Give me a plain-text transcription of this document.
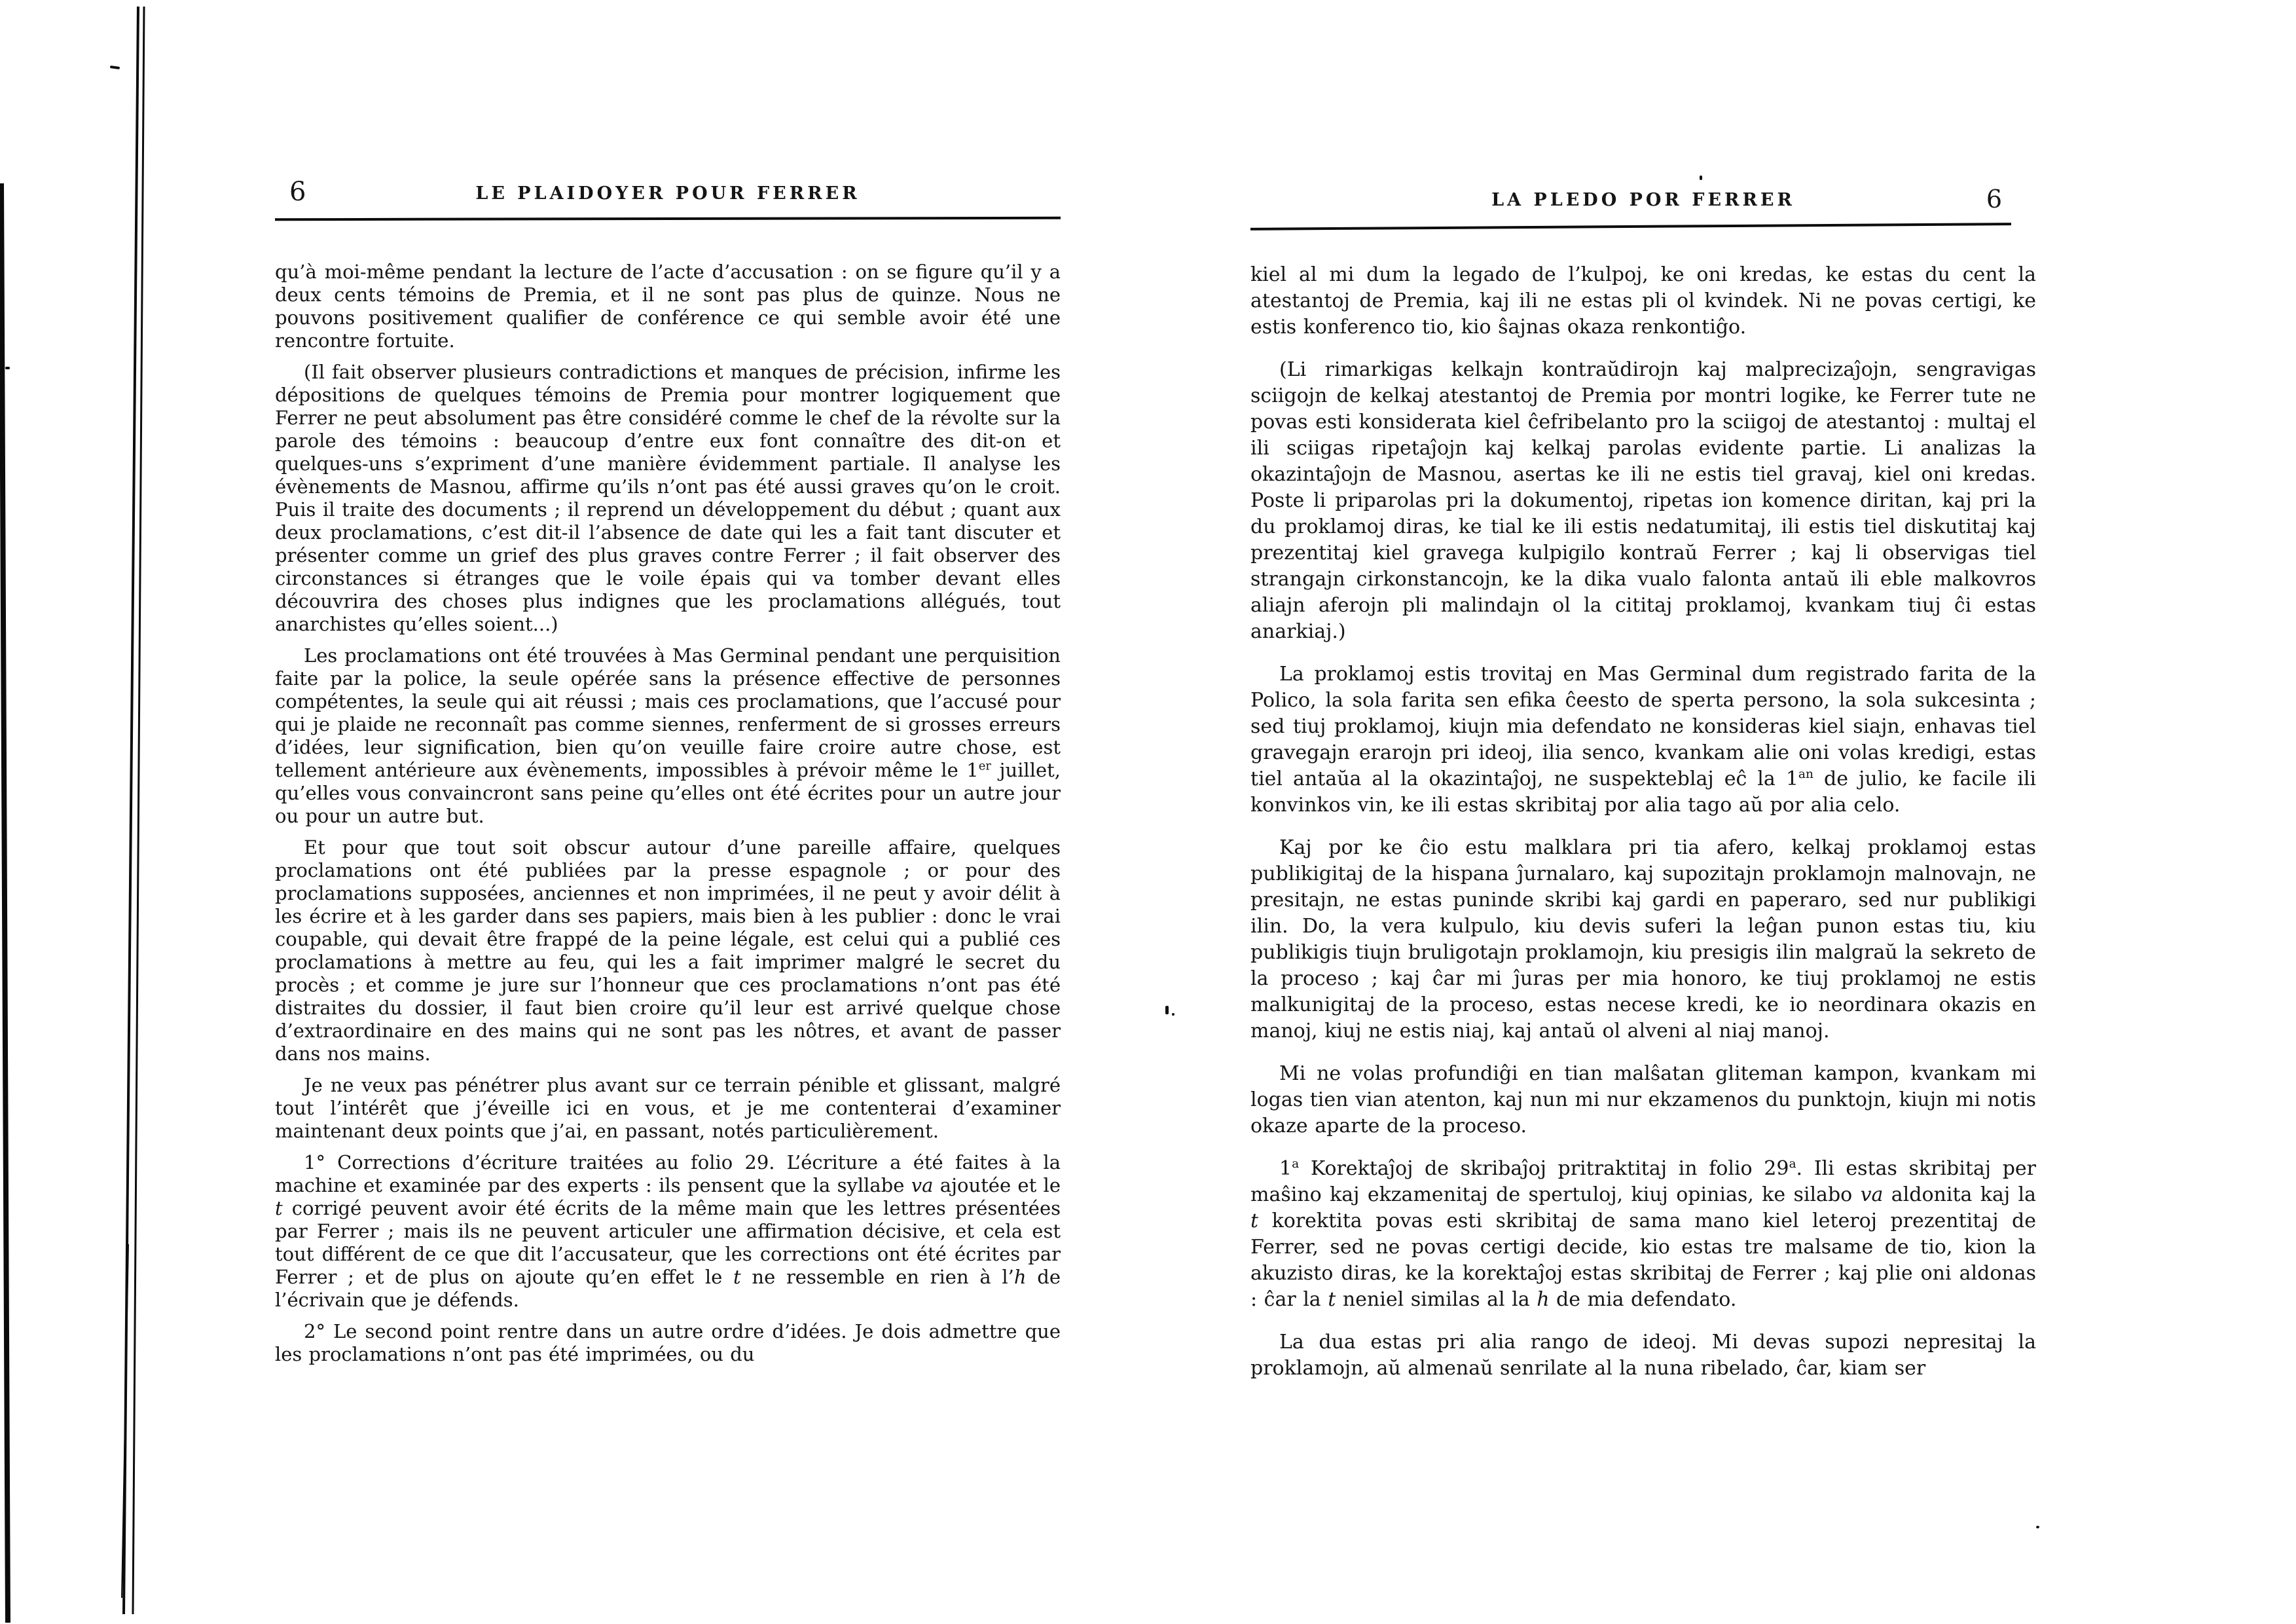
6	LE PLAIDOYER POUR FERRER

qu’à moi-même pendant la lecture de l’acte d’accusation : on se figure qu’il y a deux cents témoins de Premia, et il ne sont pas plus de quinze. Nous ne pouvons positivement qualifier de conférence ce qui semble avoir été une rencontre fortuite.

(Il fait observer plusieurs contradictions et manques de précision, infirme les dépositions de quelques témoins de Premia pour montrer logiquement que Ferrer ne peut absolument pas être considéré comme le chef de la révolte sur la parole des témoins : beaucoup d’entre eux font connaître des dit-on et quelques-uns s’expriment d’une manière évidemment partiale. Il analyse les évènements de Masnou, affirme qu’ils n’ont pas été aussi graves qu’on le croit. Puis il traite des documents ; il reprend un développement du début ; quant aux deux proclamations, c’est dit-il l’absence de date qui les a fait tant discuter et présenter comme un grief des plus graves contre Ferrer ; il fait observer des circonstances si étranges que le voile épais qui va tomber devant elles découvrira des choses plus indignes que les proclamations allégués, tout anarchistes qu’elles soient...)

Les proclamations ont été trouvées à Mas Germinal pendant une perquisition faite par la police, la seule opérée sans la présence effective de personnes compétentes, la seule qui ait réussi ; mais ces proclamations, que l’accusé pour qui je plaide ne reconnaît pas comme siennes, renferment de si grosses erreurs d’idées, leur signification, bien qu’on veuille faire croire autre chose, est tellement antérieure aux évènements, impossibles à prévoir même le 1er juillet, qu’elles vous convaincront sans peine qu’elles ont été écrites pour un autre jour ou pour un autre but.

Et pour que tout soit obscur autour d’une pareille affaire, quelques proclamations ont été publiées par la presse espagnole ; or pour des proclamations supposées, anciennes et non imprimées, il ne peut y avoir délit à les écrire et à les garder dans ses papiers, mais bien à les publier : donc le vrai coupable, qui devait être frappé de la peine légale, est celui qui a publié ces proclamations à mettre au feu, qui les a fait imprimer malgré le secret du procès ; et comme je jure sur l’honneur que ces proclamations n’ont pas été distraites du dossier, il faut bien croire qu’il leur est arrivé quelque chose d’extraordinaire en des mains qui ne sont pas les nôtres, et avant de passer dans nos mains.

Je ne veux pas pénétrer plus avant sur ce terrain pénible et glissant, malgré tout l’intérêt que j’éveille ici en vous, et je me contenterai d’examiner maintenant deux points que j’ai, en passant, notés particulièrement.

1° Corrections d’écriture traitées au folio 29. L’écriture a été faites à la machine et examinée par des experts : ils pensent que la syllabe va ajoutée et le t corrigé peuvent avoir été écrits de la même main que les lettres présentées par Ferrer ; mais ils ne peuvent articuler une affirmation décisive, et cela est tout différent de ce que dit l’accusateur, que les corrections ont été écrites par Ferrer ; et de plus on ajoute qu’en effet le t ne ressemble en rien à l’h de l’écrivain que je défends.

2° Le second point rentre dans un autre ordre d’idées. Je dois admettre que les proclamations n’ont pas été imprimées, ou du

LA PLEDO POR FERRER	6

kiel al mi dum la legado de l’kulpoj, ke oni kredas, ke estas du cent la atestantoj de Premia, kaj ili ne estas pli ol kvindek. Ni ne povas certigi, ke estis konferenco tio, kio ŝajnas okaza renkontiĝo.

(Li rimarkigas kelkajn kontraŭdirojn kaj malprecizaĵojn, sengravigas sciigojn de kelkaj atestantoj de Premia por montri logike, ke Ferrer tute ne povas esti konsiderata kiel ĉefribelanto pro la sciigoj de atestantoj : multaj el ili sciigas ripetaĵojn kaj kelkaj parolas evidente partie. Li analizas la okazintaĵojn de Masnou, asertas ke ili ne estis tiel gravaj, kiel oni kredas. Poste li priparolas pri la dokumentoj, ripetas ion komence diritan, kaj pri la du proklamoj diras, ke tial ke ili estis nedatumitaj, ili estis tiel diskutitaj kaj prezentitaj kiel gravega kulpigilo kontraŭ Ferrer ; kaj li observigas tiel strangajn cirkonstancojn, ke la dika vualo falonta antaŭ ili eble malkovros aliajn aferojn pli malindajn ol la cititaj proklamoj, kvankam tiuj ĉi estas anarkiaj.)

La proklamoj estis trovitaj en Mas Germinal dum registrado farita de la Polico, la sola farita sen efika ĉeesto de sperta persono, la sola sukcesinta ; sed tiuj proklamoj, kiujn mia defendato ne konsideras kiel siajn, enhavas tiel gravegajn erarojn pri ideoj, ilia senco, kvankam alie oni volas kredigi, estas tiel antaŭa al la okazintaĵoj, ne suspekteblaj eĉ la $1^{an}$ de julio, ke facile ili konvinkos vin, ke ili estas skribitaj por alia tago aŭ por alia celo.

Kaj por ke ĉio estu malklara pri tia afero, kelkaj proklamoj estas publikigitaj de la hispana ĵurnalaro, kaj supozitajn proklamojn malnovajn, ne presitajn, ne estas puninde skribi kaj gardi en paperaro, sed nur publikigi ilin. Do, la vera kulpulo, kiu devis suferi la leĝan punon estas tiu, kiu publikigis tiujn bruligotajn proklamojn, kiu presigis ilin malgraŭ la sekreto de la proceso ; kaj ĉar mi ĵuras per mia honoro, ke tiuj proklamoj ne estis malkunigitaj de la proceso, estas necese kredi, ke io neordinara okazis en manoj, kiuj ne estis niaj, kaj antaŭ ol alveni al niaj manoj.

Mi ne volas profundiĝi en tian malŝatan gliteman kampon, kvankam mi logas tien vian atenton, kaj nun mi nur ekzamenos du punktojn, kiujn mi notis okaze aparte de la proceso.

1$^a$ Korektaĵoj de skribaĵoj pritraktitaj in folio 29$^a$. Ili estas skribitaj per maŝino kaj ekzamenitaj de spertuloj, kiuj opinias, ke silabo va aldonita kaj la t korektita povas esti skribitaj de sama mano kiel leteroj prezentitaj de Ferrer, sed ne povas certigi decide, kio estas tre malsame de tio, kion la akuzisto diras, ke la korektaĵoj estas skribitaj de Ferrer ; kaj plie oni aldonas : ĉar la t neniel similas al la h de mia defendato.

La dua estas pri alia rango de ideoj. Mi devas supozi nepresitaj la proklamojn, aŭ almenaŭ senrilate al la nuna ribelado, ĉar, kiam ser
